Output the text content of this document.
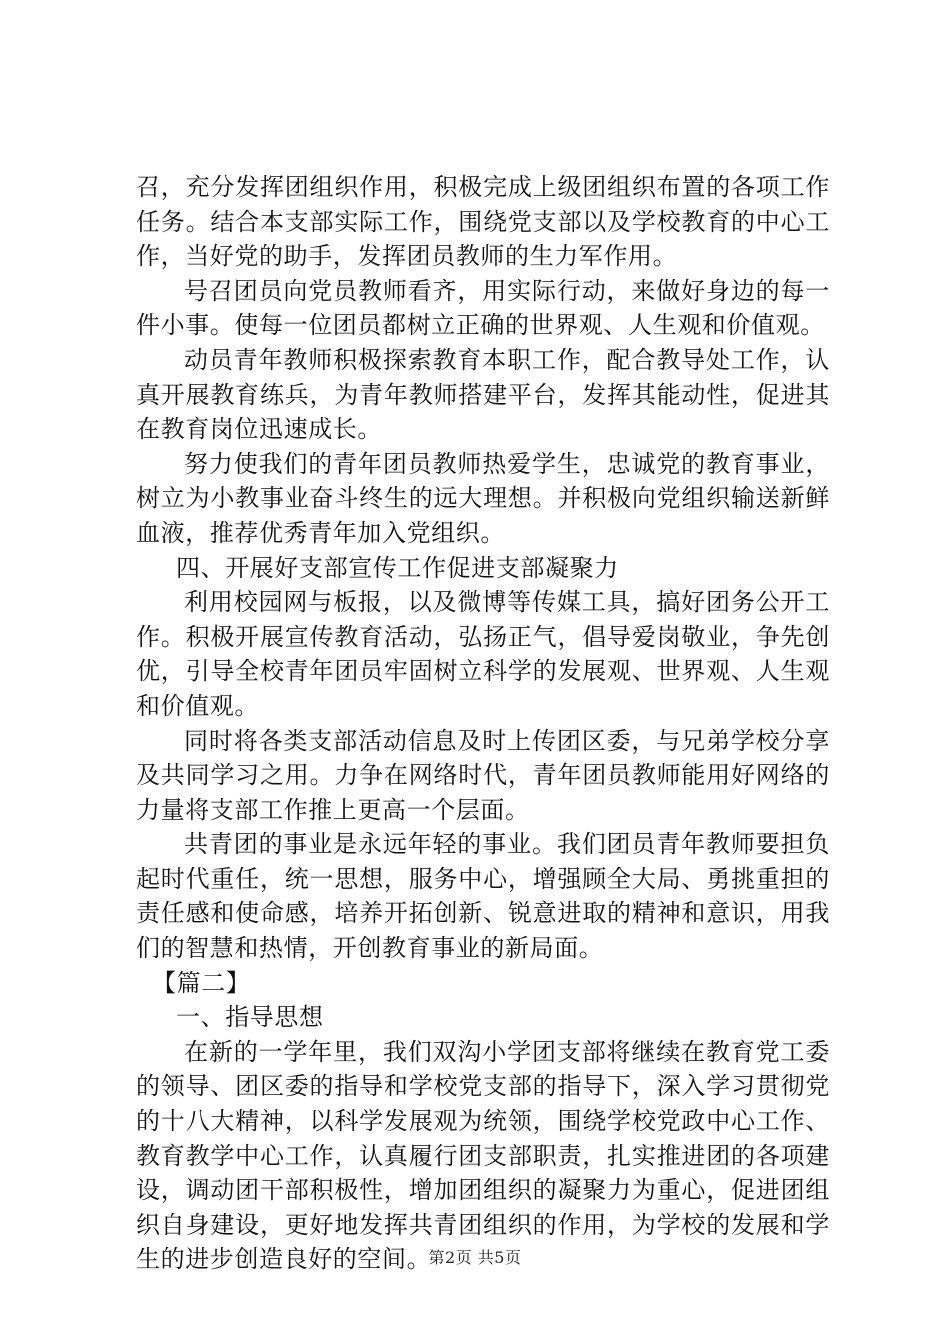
召，充分发挥团组织作用，积极完成上级团组织布置的各项工作任务。结合本支部实际工作，围绕党支部以及学校教育的中心工作，当好党的助手，发挥团员教师的生力军作用。

号召团员向党员教师看齐，用实际行动，来做好身边的每一件小事。使每一位团员都树立正确的世界观、人生观和价值观。

动员青年教师积极探索教育本职工作，配合教导处工作，认真开展教育练兵，为青年教师搭建平台，发挥其能动性，促进其在教育岗位迅速成长。

努力使我们的青年团员教师热爱学生，忠诚党的教育事业，树立为小教事业奋斗终生的远大理想。并积极向党组织输送新鲜血液，推荐优秀青年加入党组织。

四、开展好支部宣传工作促进支部凝聚力

利用校园网与板报，以及微博等传媒工具，搞好团务公开工作。积极开展宣传教育活动，弘扬正气，倡导爱岗敬业，争先创优，引导全校青年团员牢固树立科学的发展观、世界观、人生观和价值观。

同时将各类支部活动信息及时上传团区委，与兄弟学校分享及共同学习之用。力争在网络时代，青年团员教师能用好网络的力量将支部工作推上更高一个层面。

共青团的事业是永远年轻的事业。我们团员青年教师要担负起时代重任，统一思想，服务中心，增强顾全大局、勇挑重担的责任感和使命感，培养开拓创新、锐意进取的精神和意识，用我们的智慧和热情，开创教育事业的新局面。

【篇二】

一、指导思想

在新的一学年里，我们双沟小学团支部将继续在教育党工委的领导、团区委的指导和学校党支部的指导下，深入学习贯彻党的十八大精神，以科学发展观为统领，围绕学校党政中心工作、教育教学中心工作，认真履行团支部职责，扎实推进团的各项建设，调动团干部积极性，增加团组织的凝聚力为重心，促进团组织自身建设，更好地发挥共青团组织的作用，为学校的发展和学生的进步创造良好的空间。

第2页 共5页
